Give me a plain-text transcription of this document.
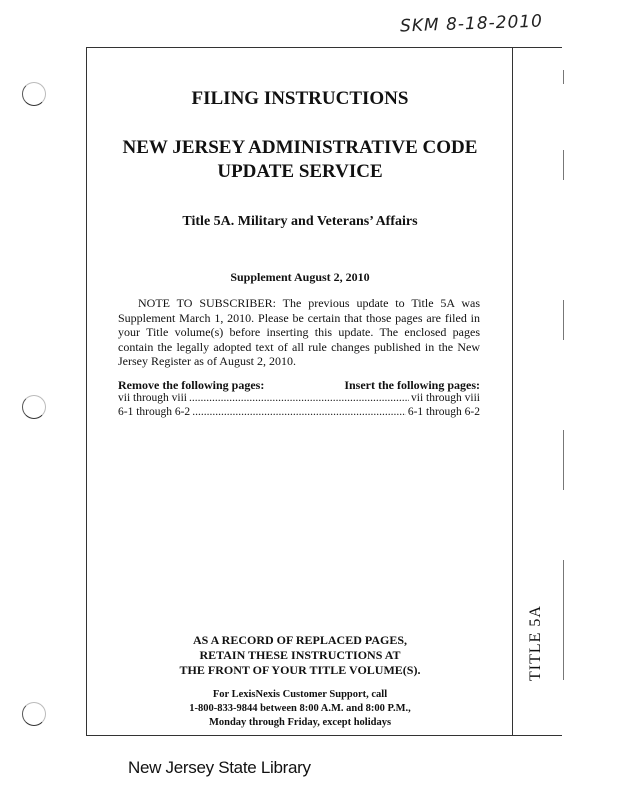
SKM 8-18-2010
FILING INSTRUCTIONS
NEW JERSEY ADMINISTRATIVE CODE
UPDATE SERVICE
Title 5A. Military and Veterans’ Affairs
Supplement August 2, 2010
NOTE TO SUBSCRIBER: The previous update to Title 5A was Supplement March 1, 2010. Please be certain that those pages are filed in your Title volume(s) before inserting this update. The enclosed pages contain the legally adopted text of all rule changes published in the New Jersey Register as of August 2, 2010.
Remove the following pages:	Insert the following pages:
vii through viii .....	vii through viii
6-1 through 6-2 .....	6-1 through 6-2
AS A RECORD OF REPLACED PAGES,
RETAIN THESE INSTRUCTIONS AT
THE FRONT OF YOUR TITLE VOLUME(S).
For LexisNexis Customer Support, call
1-800-833-9844 between 8:00 A.M. and 8:00 P.M.,
Monday through Friday, except holidays
TITLE 5A
New Jersey State Library
